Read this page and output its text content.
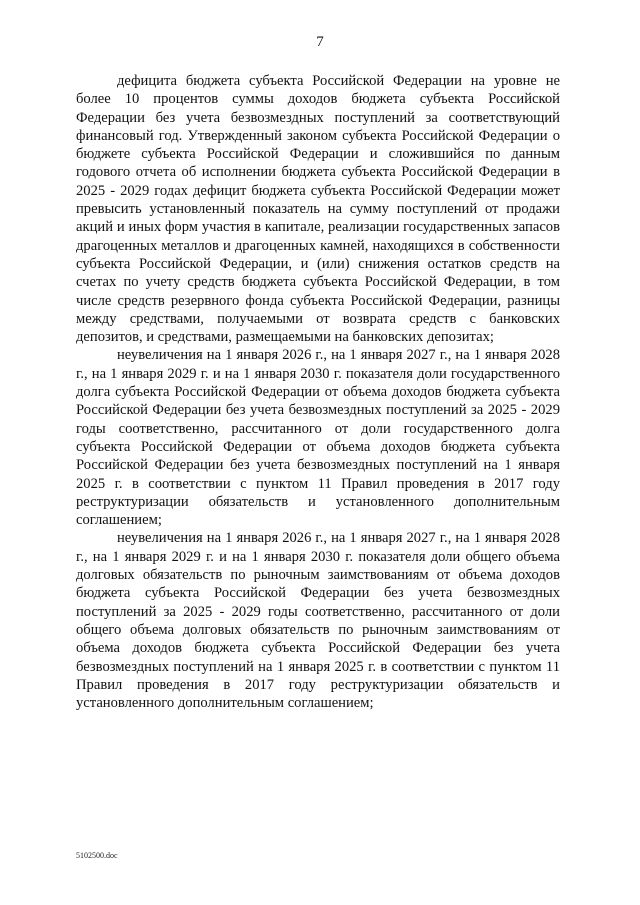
7

дефицита бюджета субъекта Российской Федерации на уровне не более 10 процентов суммы доходов бюджета субъекта Российской Федерации без учета безвозмездных поступлений за соответствующий финансовый год. Утвержденный законом субъекта Российской Федерации о бюджете субъекта Российской Федерации и сложившийся по данным годового отчета об исполнении бюджета субъекта Российской Федерации в 2025 - 2029 годах дефицит бюджета субъекта Российской Федерации может превысить установленный показатель на сумму поступлений от продажи акций и иных форм участия в капитале, реализации государственных запасов драгоценных металлов и драгоценных камней, находящихся в собственности субъекта Российской Федерации, и (или) снижения остатков средств на счетах по учету средств бюджета субъекта Российской Федерации, в том числе средств резервного фонда субъекта Российской Федерации, разницы между средствами, получаемыми от возврата средств с банковских депозитов, и средствами, размещаемыми на банковских депозитах;

неувеличения на 1 января 2026 г., на 1 января 2027 г., на 1 января 2028 г., на 1 января 2029 г. и на 1 января 2030 г. показателя доли государственного долга субъекта Российской Федерации от объема доходов бюджета субъекта Российской Федерации без учета безвозмездных поступлений за 2025 - 2029 годы соответственно, рассчитанного от доли государственного долга субъекта Российской Федерации от объема доходов бюджета субъекта Российской Федерации без учета безвозмездных поступлений на 1 января 2025 г. в соответствии с пунктом 11 Правил проведения в 2017 году реструктуризации обязательств и установленного дополнительным соглашением;

неувеличения на 1 января 2026 г., на 1 января 2027 г., на 1 января 2028 г., на 1 января 2029 г. и на 1 января 2030 г. показателя доли общего объема долговых обязательств по рыночным заимствованиям от объема доходов бюджета субъекта Российской Федерации без учета безвозмездных поступлений за 2025 - 2029 годы соответственно, рассчитанного от доли общего объема долговых обязательств по рыночным заимствованиям от объема доходов бюджета субъекта Российской Федерации без учета безвозмездных поступлений на 1 января 2025 г. в соответствии с пунктом 11 Правил проведения в 2017 году реструктуризации обязательств и установленного дополнительным соглашением;

5102500.doc
